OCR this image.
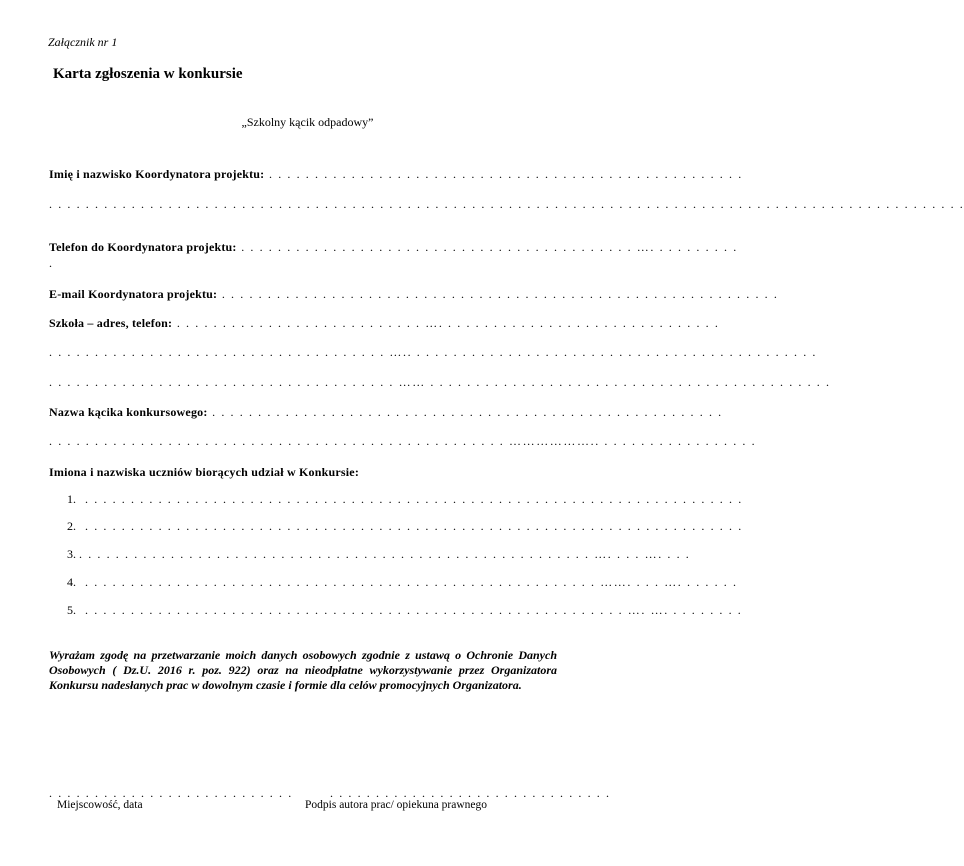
Załącznik nr 1
Karta zgłoszenia w konkursie
„Szkolny kącik odpadowy”
Imię i nazwisko Koordynatora projektu: . . . . . . . . . . . . . . . . . . . . . . . . . . . . . . . . . . . . . . . . . . . . . . . . . . . .
. . . . . . . . . . . . . . . . . . . . . . . . . . . . . . . . . . . . . . . . . . . . . . . . . . . . . . . . . . . . . . . . . . . . . . . . . . . . . . . . . . . . . . . . . . . . . . . . . . . .
Telefon do Koordynatora projektu: . . . . . . . . . . . . . . . . . . . . . . . . . . . . . . . . . . . . . . . . . . . …. . . . . . . . . .
.
E-mail Koordynatora projektu: . . . . . . . . . . . . . . . . . . . . . . . . . . . . . . . . . . . . . . . . . . . . . . . . . . . . . . . . . . . . .
Szkoła – adres, telefon: . . . . . . . . . . . . . . . . . . . . . . . . . . . …. . . . . . . . . . . . . . . . . . . . . . . . . . . . . . .
. . . . . . . . . . . . . . . . . . . . . . . . . . . . . . . . . . . . . ….. . . . . . . . . . . . . . . . . . . . . . . . . . . . . . . . . . . . . . . . . . . . .
. . . . . . . . . . . . . . . . . . . . . . . . . . . . . . . . . . . . . . …… . . . . . . . . . . . . . . . . . . . . . . . . . . . . . . . . . . . . . . . . . . . .
Nazwa kącika konkursowego: . . . . . . . . . . . . . . . . . . . . . . . . . . . . . . . . . . . . . . . . . . . . . . . . . . . . . . . .
. . . . . . . . . . . . . . . . . . . . . . . . . . . . . . . . . . . . . . . . . . . . . . . . . . ……………….. . . . . . . . . . . . . . . . . .
Imiona i nazwiska uczniów biorących udział w Konkursie:
1. . . . . . . . . . . . . . . . . . . . . . . . . . . . . . . . . . . . . . . . . . . . . . . . . . . . . . . . . . . . . . . . . . . . . . . . .
2. . . . . . . . . . . . . . . . . . . . . . . . . . . . . . . . . . . . . . . . . . . . . . . . . . . . . . . . . . . . . . . . . . . . . . . . .
3. . . . . . . . . . . . . . . . . . . . . . . . . . . . . . . . . . . . . . . . . . . . . . . . . . . . . . . . . …. . . . …. . . .
4. . . . . . . . . . . . . . . . . . . . . . . . . . . . . . . . . . . . . . . . . . . . . . . . . . . . . . . . . ……. . . . …. . . . . . .
5. . . . . . . . . . . . . . . . . . . . . . . . . . . . . . . . . . . . . . . . . . . . . . . . . . . . . . . . . . . . …. …. . . . . . . . .
Wyrażam zgodę na przetwarzanie moich danych osobowych zgodnie z ustawą o Ochronie Danych Osobowych ( Dz.U. 2016 r. poz. 922) oraz na nieodpłatne wykorzystywanie przez Organizatora Konkursu nadesłanych prac w dowolnym czasie i formie dla celów promocyjnych Organizatora.
. . . . . . . . . . . . . . . . . . . . . . . . . . .
Miejscowość, data
. . . . . . . . . . . . . . . . . . . . . . . . . . . . . . .
Podpis autora prac/ opiekuna prawnego
